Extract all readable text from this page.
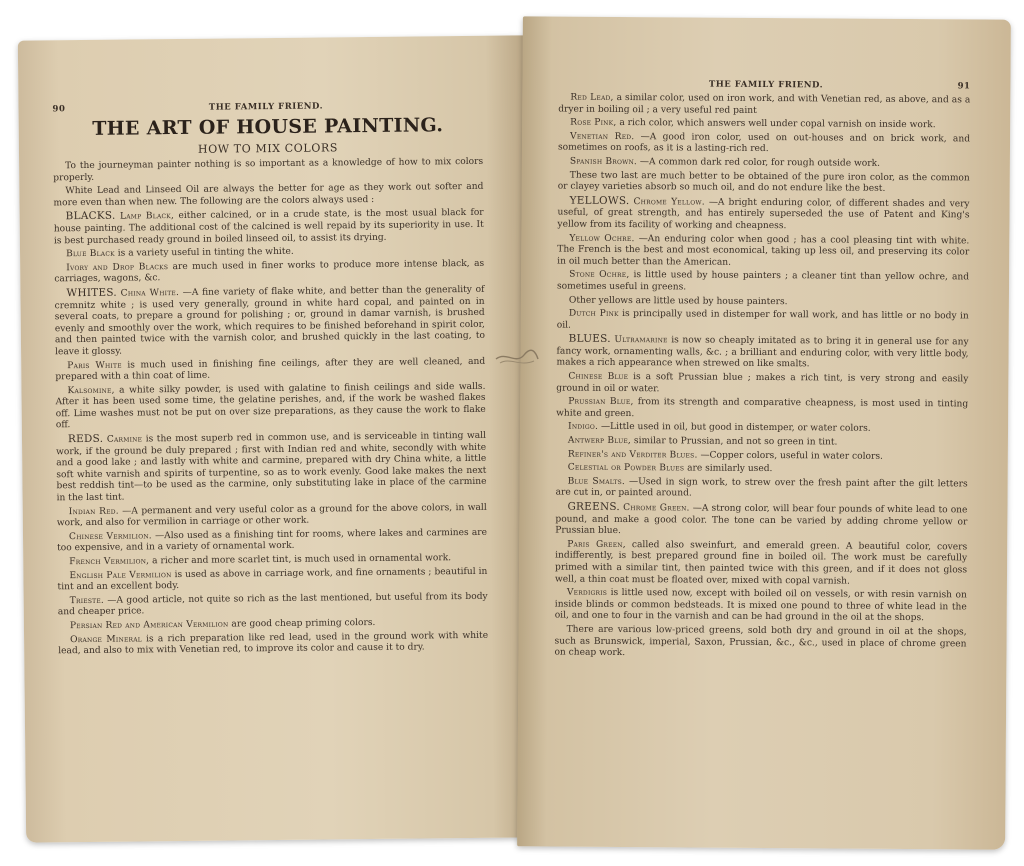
90	THE FAMILY FRIEND.
THE ART OF HOUSE PAINTING.
HOW TO MIX COLORS

To the journeyman painter nothing is so important as a knowledge of how to mix colors properly.

White Lead and Linseed Oil are always the better for age as they work out softer and more even than when new. The following are the colors always used :

BLACKS. Lamp Black, either calcined, or in a crude state, is the most usual black for house painting. The additional cost of the calcined is well repaid by its superiority in use. It is best purchased ready ground in boiled linseed oil, to assist its drying.

Blue Black is a variety useful in tinting the white.

Ivory and Drop Blacks are much used in finer works to produce more intense black, as carriages, wagons, &c.

WHITES. China White. —A fine variety of flake white, and better than the generality of cremnitz white ; is used very generally, ground in white hard copal, and painted on in several coats, to prepare a ground for polishing ; or, ground in damar varnish, is brushed evenly and smoothly over the work, which requires to be finished beforehand in spirit color, and then painted twice with the varnish color, and brushed quickly in the last coating, to leave it glossy.

Paris White is much used in finishing fine ceilings, after they are well cleaned, and prepared with a thin coat of lime.

Kalsomine, a white silky powder, is used with galatine to finish ceilings and side walls. After it has been used some time, the gelatine perishes, and, if the work be washed flakes off. Lime washes must not be put on over size preparations, as they cause the work to flake off.

REDS. Carmine is the most superb red in common use, and is serviceable in tinting wall work, if the ground be duly prepared ; first with Indian red and white, secondly with white and a good lake ; and lastly with white and carmine, prepared with dry China white, a little soft white varnish and spirits of turpentine, so as to work evenly. Good lake makes the next best reddish tint—to be used as the carmine, only substituting lake in place of the carmine in the last tint.

Indian Red. —A permanent and very useful color as a ground for the above colors, in wall work, and also for vermilion in carriage or other work.

Chinese Vermilion. —Also used as a finishing tint for rooms, where lakes and carmines are too expensive, and in a variety of ornamental work.

French Vermilion, a richer and more scarlet tint, is much used in ornamental work.

English Pale Vermilion is used as above in carriage work, and fine ornaments ; beautiful in tint and an excellent body.

Trieste. —A good article, not quite so rich as the last mentioned, but useful from its body and cheaper price.

Persian Red and American Vermilion are good cheap priming colors.

Orange Mineral is a rich preparation like red lead, used in the ground work with white lead, and also to mix with Venetian red, to improve its color and cause it to dry.

THE FAMILY FRIEND.	91

Red Lead, a similar color, used on iron work, and with Venetian red, as above, and as a dryer in boiling oil ; a very useful red paint

Rose Pink, a rich color, which answers well under copal varnish on inside work.

Venetian Red. —A good iron color, used on out-houses and on brick work, and sometimes on roofs, as it is a lasting-rich red.

Spanish Brown. —A common dark red color, for rough outside work.

These two last are much better to be obtained of the pure iron color, as the common or clayey varieties absorb so much oil, and do not endure like the best.

YELLOWS. Chrome Yellow. —A bright enduring color, of different shades and very useful, of great strength, and has entirely superseded the use of Patent and King's yellow from its facility of working and cheapness.

Yellow Ochre. —An enduring color when good ; has a cool pleasing tint with white. The French is the best and most economical, taking up less oil, and preserving its color in oil much better than the American.

Stone Ochre, is little used by house painters ; a cleaner tint than yellow ochre, and sometimes useful in greens.

Other yellows are little used by house painters.

Dutch Pink is principally used in distemper for wall work, and has little or no body in oil.

BLUES. Ultramarine is now so cheaply imitated as to bring it in general use for any fancy work, ornamenting walls, &c. ; a brilliant and enduring color, with very little body, makes a rich appearance when strewed on like smalts.

Chinese Blue is a soft Prussian blue ; makes a rich tint, is very strong and easily ground in oil or water.

Prussian Blue, from its strength and comparative cheapness, is most used in tinting white and green.

Indigo. —Little used in oil, but good in distemper, or water colors.

Antwerp Blue, similar to Prussian, and not so green in tint.

Refiner's and Verditer Blues. —Copper colors, useful in water colors.

Celestial or Powder Blues are similarly used.

Blue Smalts. —Used in sign work, to strew over the fresh paint after the gilt letters are cut in, or painted around.

GREENS. Chrome Green. —A strong color, will bear four pounds of white lead to one pound, and make a good color. The tone can be varied by adding chrome yellow or Prussian blue.

Paris Green, called also sweinfurt, and emerald green. A beautiful color, covers indifferently, is best prepared ground fine in boiled oil. The work must be carefully primed with a similar tint, then painted twice with this green, and if it does not gloss well, a thin coat must be floated over, mixed with copal varnish.

Verdigris is little used now, except with boiled oil on vessels, or with resin varnish on inside blinds or common bedsteads. It is mixed one pound to three of white lead in the oil, and one to four in the varnish and can be had ground in the oil at the shops.

There are various low-priced greens, sold both dry and ground in oil at the shops, such as Brunswick, imperial, Saxon, Prussian, &c., &c., used in place of chrome green on cheap work.
